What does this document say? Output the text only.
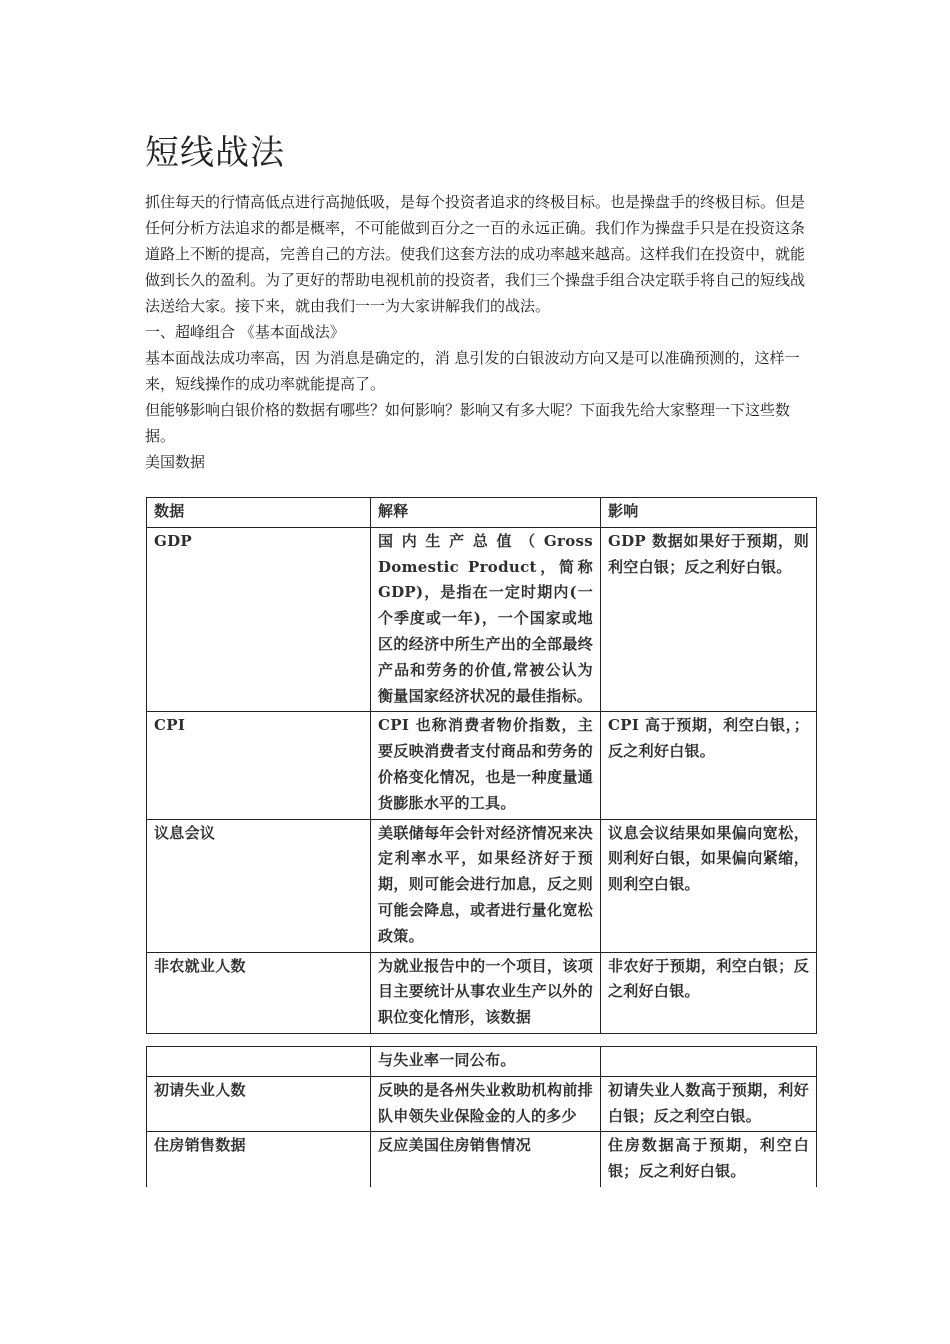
短线战法

抓住每天的行情高低点进行高抛低吸，是每个投资者追求的终极目标。也是操盘手的终极目标。但是任何分析方法追求的都是概率，不可能做到百分之一百的永远正确。我们作为操盘手只是在投资这条道路上不断的提高，完善自己的方法。使我们这套方法的成功率越来越高。这样我们在投资中，就能做到长久的盈利。为了更好的帮助电视机前的投资者，我们三个操盘手组合决定联手将自己的短线战法送给大家。接下来，就由我们一一为大家讲解我们的战法。

一、超峰组合 《基本面战法》

基本面战法成功率高，因 为消息是确定的，消 息引发的白银波动方向又是可以准确预测的，这样一来，短线操作的成功率就能提高了。

但能够影响白银价格的数据有哪些？如何影响？影响又有多大呢？下面我先给大家整理一下这些数据。

美国数据

数据	解释	影响
GDP	国内生产总值（Gross Domestic Product，简称GDP)，是指在一定时期内(一个季度或一年)，一个国家或地区的经济中所生产出的全部最终产品和劳务的价值,常被公认为衡量国家经济状况的最佳指标。	GDP 数据如果好于预期，则利空白银；反之利好白银。
CPI	CPI 也称消费者物价指数，主要反映消费者支付商品和劳务的价格变化情况，也是一种度量通货膨胀水平的工具。	CPI 高于预期，利空白银，；反之利好白银。
议息会议	美联储每年会针对经济情况来决定利率水平，如果经济好于预期，则可能会进行加息，反之则可能会降息，或者进行量化宽松政策。	议息会议结果如果偏向宽松，则利好白银，如果偏向紧缩，则利空白银。
非农就业人数	为就业报告中的一个项目，该项目主要统计从事农业生产以外的职位变化情形，该数据	非农好于预期，利空白银；反之利好白银。
	与失业率一同公布。	
初请失业人数	反映的是各州失业救助机构前排队申领失业保险金的人的多少	初请失业人数高于预期，利好白银；反之利空白银。
住房销售数据	反应美国住房销售情况	住房数据高于预期，利空白银；反之利好白银。
